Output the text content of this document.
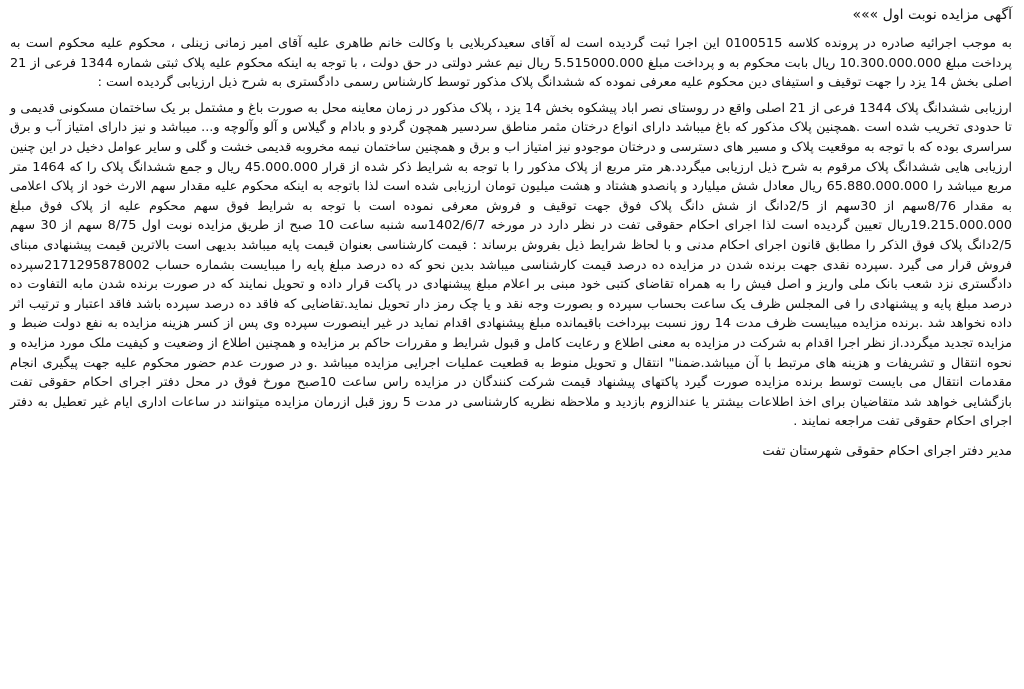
آگهی مزایده نوبت اول »»»

به موجب اجرائیه صادره در پرونده کلاسه 0100515 این اجرا ثبت گردیده است له آقای سعیدکربلایی با وکالت خانم طاهری علیه آقای امیر زمانی زینلی ، محکوم علیه محکوم است به پرداخت مبلغ 10.300.000.000 ریال بابت محکوم به و پرداخت مبلغ 5.515000.000 ریال نیم عشر دولتی در حق دولت ، با توجه به اینکه محکوم علیه پلاک ثبتی شماره 1344 فرعی از 21 اصلی بخش 14 یزد را جهت توقیف و استیفای دین محکوم علیه معرفی نموده که ششدانگ پلاک مذکور توسط کارشناس رسمی دادگستری به شرح ذیل ارزیابی گردیده است :

ارزیابی ششدانگ پلاک 1344 فرعی از 21 اصلی واقع در روستای نصر اباد پیشکوه بخش 14 یزد ، پلاک مذکور در زمان معاینه محل به صورت باغ و مشتمل بر یک ساختمان مسکونی قدیمی و تا حدودی تخریب شده است .همچنین پلاک مذکور که باغ میباشد دارای انواع درختان مثمر مناطق سردسیر همچون گردو و بادام و گیلاس و آلو وآلوچه و... میباشد و نیز دارای امتیاز آب و برق سراسری بوده که با توجه به موقعیت پلاک و مسیر های دسترسی و درختان موجودو نیز امتیاز اب و برق و همچنین ساختمان نیمه مخروبه قدیمی خشت و گلی و سایر عوامل دخیل در این چنین ارزیابی هایی ششدانگ پلاک مرقوم به شرح ذیل ارزیابی میگردد.هر متر مربع از پلاک مذکور را با توجه به شرایط ذکر شده از قرار 45.000.000 ریال و جمع ششدانگ پلاک را که 1464 متر مربع میباشد را 65.880.000.000 ریال معادل شش میلیارد و پانصدو هشتاد و هشت میلیون تومان ارزیابی شده است لذا باتوجه به اینکه محکوم علیه مقدار سهم الارث خود از پلاک اعلامی به مقدار 8/76سهم از 30سهم از 2/5دانگ از شش دانگ پلاک فوق جهت توقیف و فروش معرفی نموده است با توجه به شرایط فوق سهم محکوم علیه از پلاک فوق مبلغ 19.215.000.000ریال تعیین گردیده است لذا اجرای احکام حقوقی تفت در نظر دارد در مورخه 1402/6/7سه شنبه ساعت 10 صبح از طریق مزایده نوبت اول 8/75 سهم از 30 سهم 2/5دانگ پلاک فوق الذکر را مطابق قانون اجرای احکام مدنی و با لحاظ شرایط ذیل بفروش برساند : قیمت کارشناسی بعنوان قیمت پایه میباشد بدیهی است بالاترین قیمت پیشنهادی مبنای فروش قرار می گیرد .سپرده نقدی جهت برنده شدن در مزایده ده درصد قیمت کارشناسی میباشد بدین نحو که ده درصد مبلغ پایه را میبایست بشماره حساب 2171295878002سپرده دادگستری نزد شعب بانک ملی واریز و اصل فیش را به همراه تقاضای کتبی خود مبنی بر اعلام مبلغ پیشنهادی در پاکت قرار داده و تحویل نمایند که در صورت برنده شدن مابه التفاوت ده درصد مبلغ پایه و پیشنهادی را فی المجلس ظرف یک ساعت بحساب سپرده و بصورت وجه نقد و یا چک رمز دار تحویل نماید.تقاضایی که فاقد ده درصد سپرده باشد فاقد اعتبار و ترتیب اثر داده نخواهد شد .برنده مزایده میبایست ظرف مدت 14 روز نسبت بپرداخت باقیمانده مبلغ پیشنهادی اقدام نماید در غیر اینصورت سپرده وی پس از کسر هزینه مزایده به نفع دولت ضبط و مزایده تجدید میگردد.از نظر اجرا اقدام به شرکت در مزایده به معنی اطلاع و رعایت کامل و قبول شرایط و مقررات حاکم بر مزایده و همچنین اطلاع از وضعیت و کیفیت ملک مورد مزایده و نحوه انتقال و تشریفات و هزینه های مرتبط با آن میباشد.ضمنا" انتقال و تحویل منوط به قطعیت عملیات اجرایی مزایده میباشد .و در صورت عدم حضور محکوم علیه جهت پیگیری انجام مقدمات انتقال می بایست توسط برنده مزایده صورت گیرد پاکتهای پیشنهاد قیمت شرکت کنندگان در مزایده راس ساعت 10صبح مورخ فوق در محل دفتر اجرای احکام حقوقی تفت بازگشایی خواهد شد متقاضیان برای اخذ اطلاعات بیشتر یا عندالزوم بازدید و ملاحظه نظریه کارشناسی در مدت 5 روز قبل ازرمان مزایده میتوانند در ساعات اداری ایام غیر تعطیل به دفتر اجرای احکام حقوقی تفت مراجعه نمایند .

مدیر دفتر اجرای احکام حقوقی شهرستان تفت
